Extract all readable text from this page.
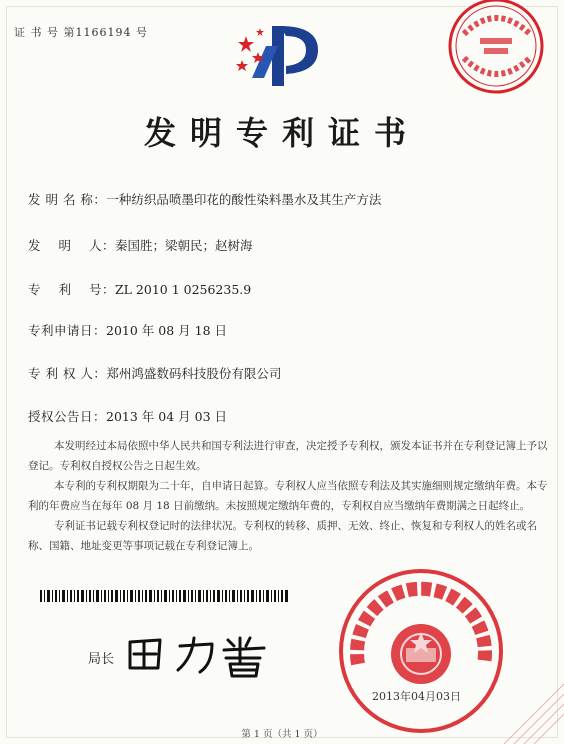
证 书 号 第1166194 号
发明专利证书
发 明 名 称：一种纺织品喷墨印花的酸性染料墨水及其生产方法
发　 明 　人：秦国胜；梁朝民；赵树海
专　 利 　号：ZL 2010 1 0256235.9
专利申请日：2010 年 08 月 18 日
专 利 权 人：郑州鸿盛数码科技股份有限公司
授权公告日：2013 年 04 月 03 日

本发明经过本局依照中华人民共和国专利法进行审查，决定授予专利权，颁发本证书并在专利登记簿上予以登记。专利权自授权公告之日起生效。

本专利的专利权期限为二十年，自申请日起算。专利权人应当依照专利法及其实施细则规定缴纳年费。本专利的年费应当在每年 08 月 18 日前缴纳。未按照规定缴纳年费的，专利权自应当缴纳年费期满之日起终止。

专利证书记载专利权登记时的法律状况。专利权的转移、质押、无效、终止、恢复和专利权人的姓名或名称、国籍、地址变更等事项记载在专利登记簿上。

局长
2013年04月03日
第 1 页（共 1 页）
